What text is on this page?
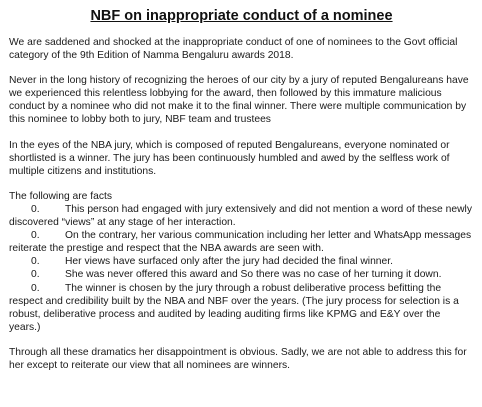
NBF on inappropriate conduct of a nominee

We are saddened and shocked at the inappropriate conduct of one of nominees to the Govt official category of the 9th Edition of Namma Bengaluru awards 2018.

Never in the long history of recognizing the heroes of our city by a jury of reputed Bengalureans have we experienced this relentless lobbying for the award, then followed by this immature malicious conduct by a nominee who did not make it to the final winner. There were multiple communication by this nominee to lobby both to jury, NBF team and trustees

In the eyes of the NBA jury, which is composed of reputed Bengalureans, everyone nominated or shortlisted is a winner. The jury has been continuously humbled and awed by the selfless work of multiple citizens and institutions.

The following are facts
0. This person had engaged with jury extensively and did not mention a word of these newly discovered “views” at any stage of her interaction.
0. On the contrary, her various communication including her letter and WhatsApp messages reiterate the prestige and respect that the NBA awards are seen with.
0. Her views have surfaced only after the jury had decided the final winner.
0. She was never offered this award and So there was no case of her turning it down.
0. The winner is chosen by the jury through a robust deliberative process befitting the respect and credibility built by the NBA and NBF over the years. (The jury process for selection is a robust, deliberative process and audited by leading auditing firms like KPMG and E&Y over the years.)

Through all these dramatics her disappointment is obvious. Sadly, we are not able to address this for her except to reiterate our view that all nominees are winners.
